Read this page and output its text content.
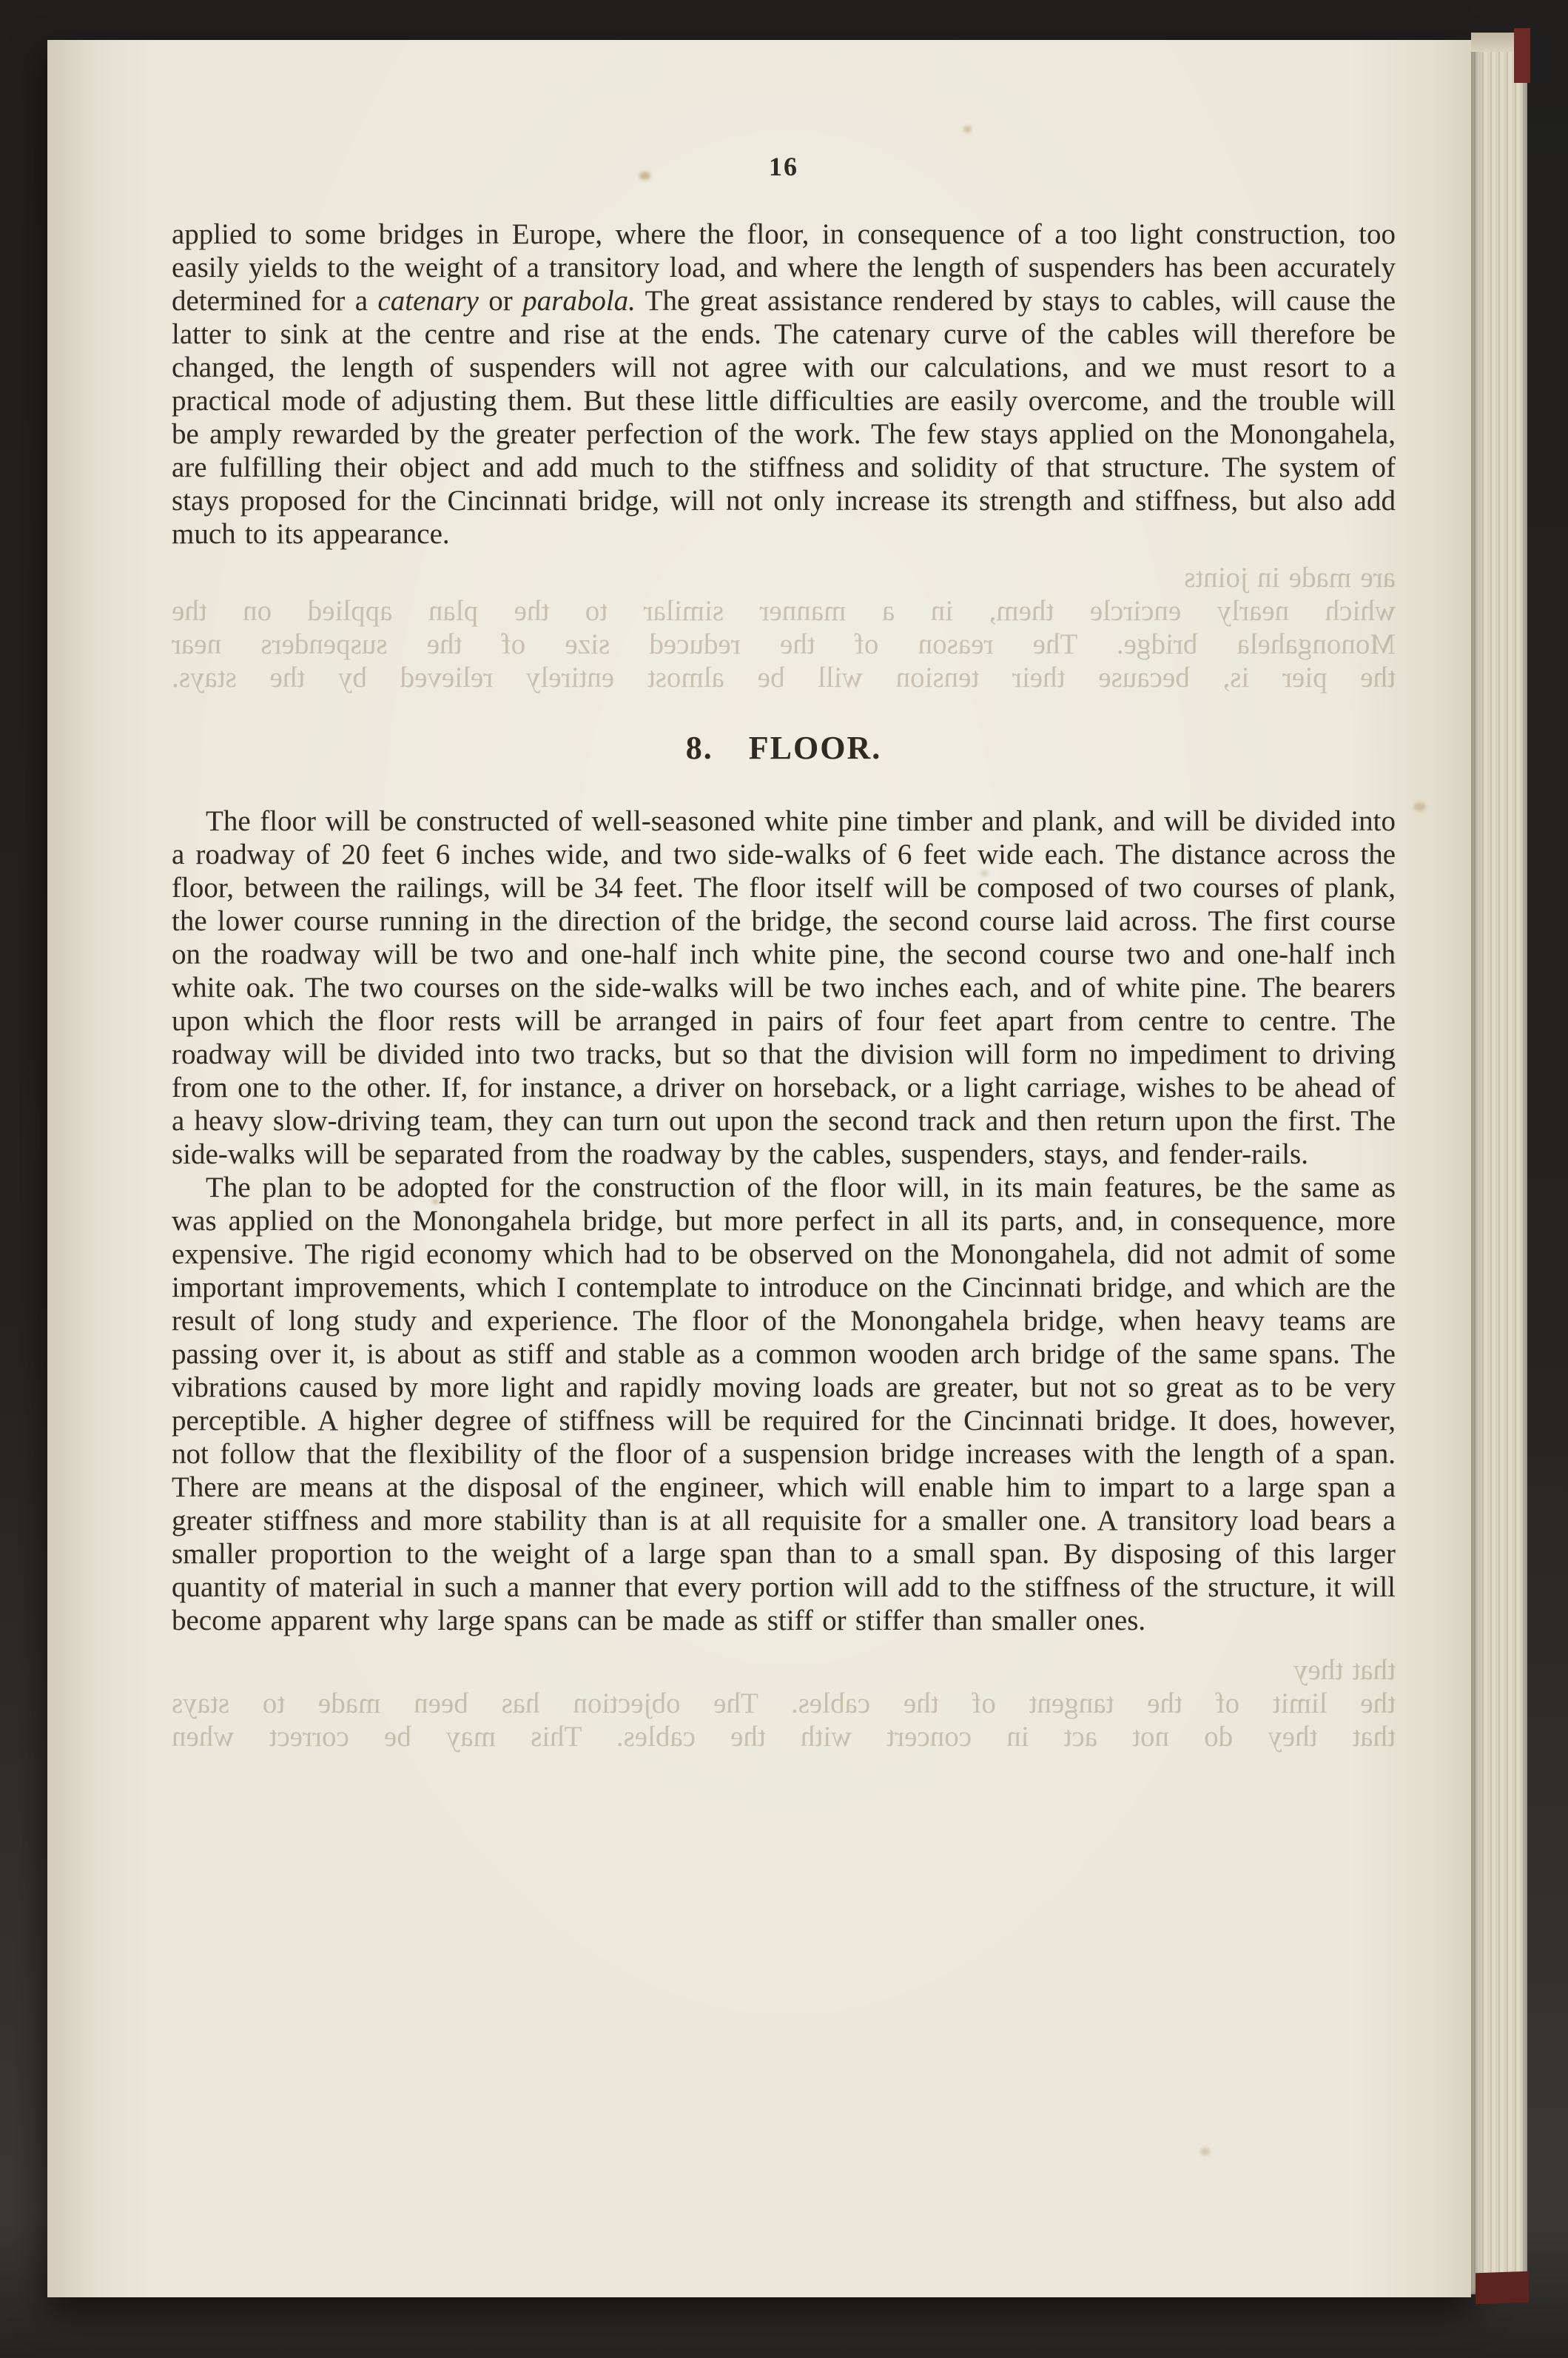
16

applied to some bridges in Europe, where the floor, in consequence of a too light construction, too easily yields to the weight of a transitory load, and where the length of suspenders has been accurately determined for a catenary or parabola. The great assistance rendered by stays to cables, will cause the latter to sink at the centre and rise at the ends. The catenary curve of the cables will therefore be changed, the length of suspenders will not agree with our calculations, and we must resort to a practical mode of adjusting them. But these little difficulties are easily overcome, and the trouble will be amply rewarded by the greater perfection of the work. The few stays applied on the Monongahela, are fulfilling their object and add much to the stiffness and solidity of that structure. The system of stays proposed for the Cincinnati bridge, will not only increase its strength and stiffness, but also add much to its appearance.

are made in joints
which nearly encircle them, in a manner similar to the plan applied on the
Monongahela bridge. The reason of the reduced size of the suspenders near
the pier is, because their tension will be almost entirely relieved by the stays.
8. FLOOR.

The floor will be constructed of well-seasoned white pine timber and plank, and will be divided into a roadway of 20 feet 6 inches wide, and two side-walks of 6 feet wide each. The distance across the floor, between the railings, will be 34 feet. The floor itself will be composed of two courses of plank, the lower course running in the direction of the bridge, the second course laid across. The first course on the roadway will be two and one-half inch white pine, the second course two and one-half inch white oak. The two courses on the side-walks will be two inches each, and of white pine. The bearers upon which the floor rests will be arranged in pairs of four feet apart from centre to centre. The roadway will be divided into two tracks, but so that the division will form no impediment to driving from one to the other. If, for instance, a driver on horseback, or a light carriage, wishes to be ahead of a heavy slow-driving team, they can turn out upon the second track and then return upon the first. The side-walks will be separated from the roadway by the cables, suspenders, stays, and fender-rails.

The plan to be adopted for the construction of the floor will, in its main features, be the same as was applied on the Monongahela bridge, but more perfect in all its parts, and, in consequence, more expensive. The rigid economy which had to be observed on the Monongahela, did not admit of some important improvements, which I contemplate to introduce on the Cincinnati bridge, and which are the result of long study and experience. The floor of the Monongahela bridge, when heavy teams are passing over it, is about as stiff and stable as a common wooden arch bridge of the same spans. The vibrations caused by more light and rapidly moving loads are greater, but not so great as to be very perceptible. A higher degree of stiffness will be required for the Cincinnati bridge. It does, however, not follow that the flexibility of the floor of a suspension bridge increases with the length of a span. There are means at the disposal of the engineer, which will enable him to impart to a large span a greater stiffness and more stability than is at all requisite for a smaller one. A transitory load bears a smaller proportion to the weight of a large span than to a small span. By disposing of this larger quantity of material in such a manner that every portion will add to the stiffness of the structure, it will become apparent why large spans can be made as stiff or stiffer than smaller ones.

that they
the limit of the tangent of the cables. The objection has been made to stays
that they do not act in concert with the cables. This may be correct when
